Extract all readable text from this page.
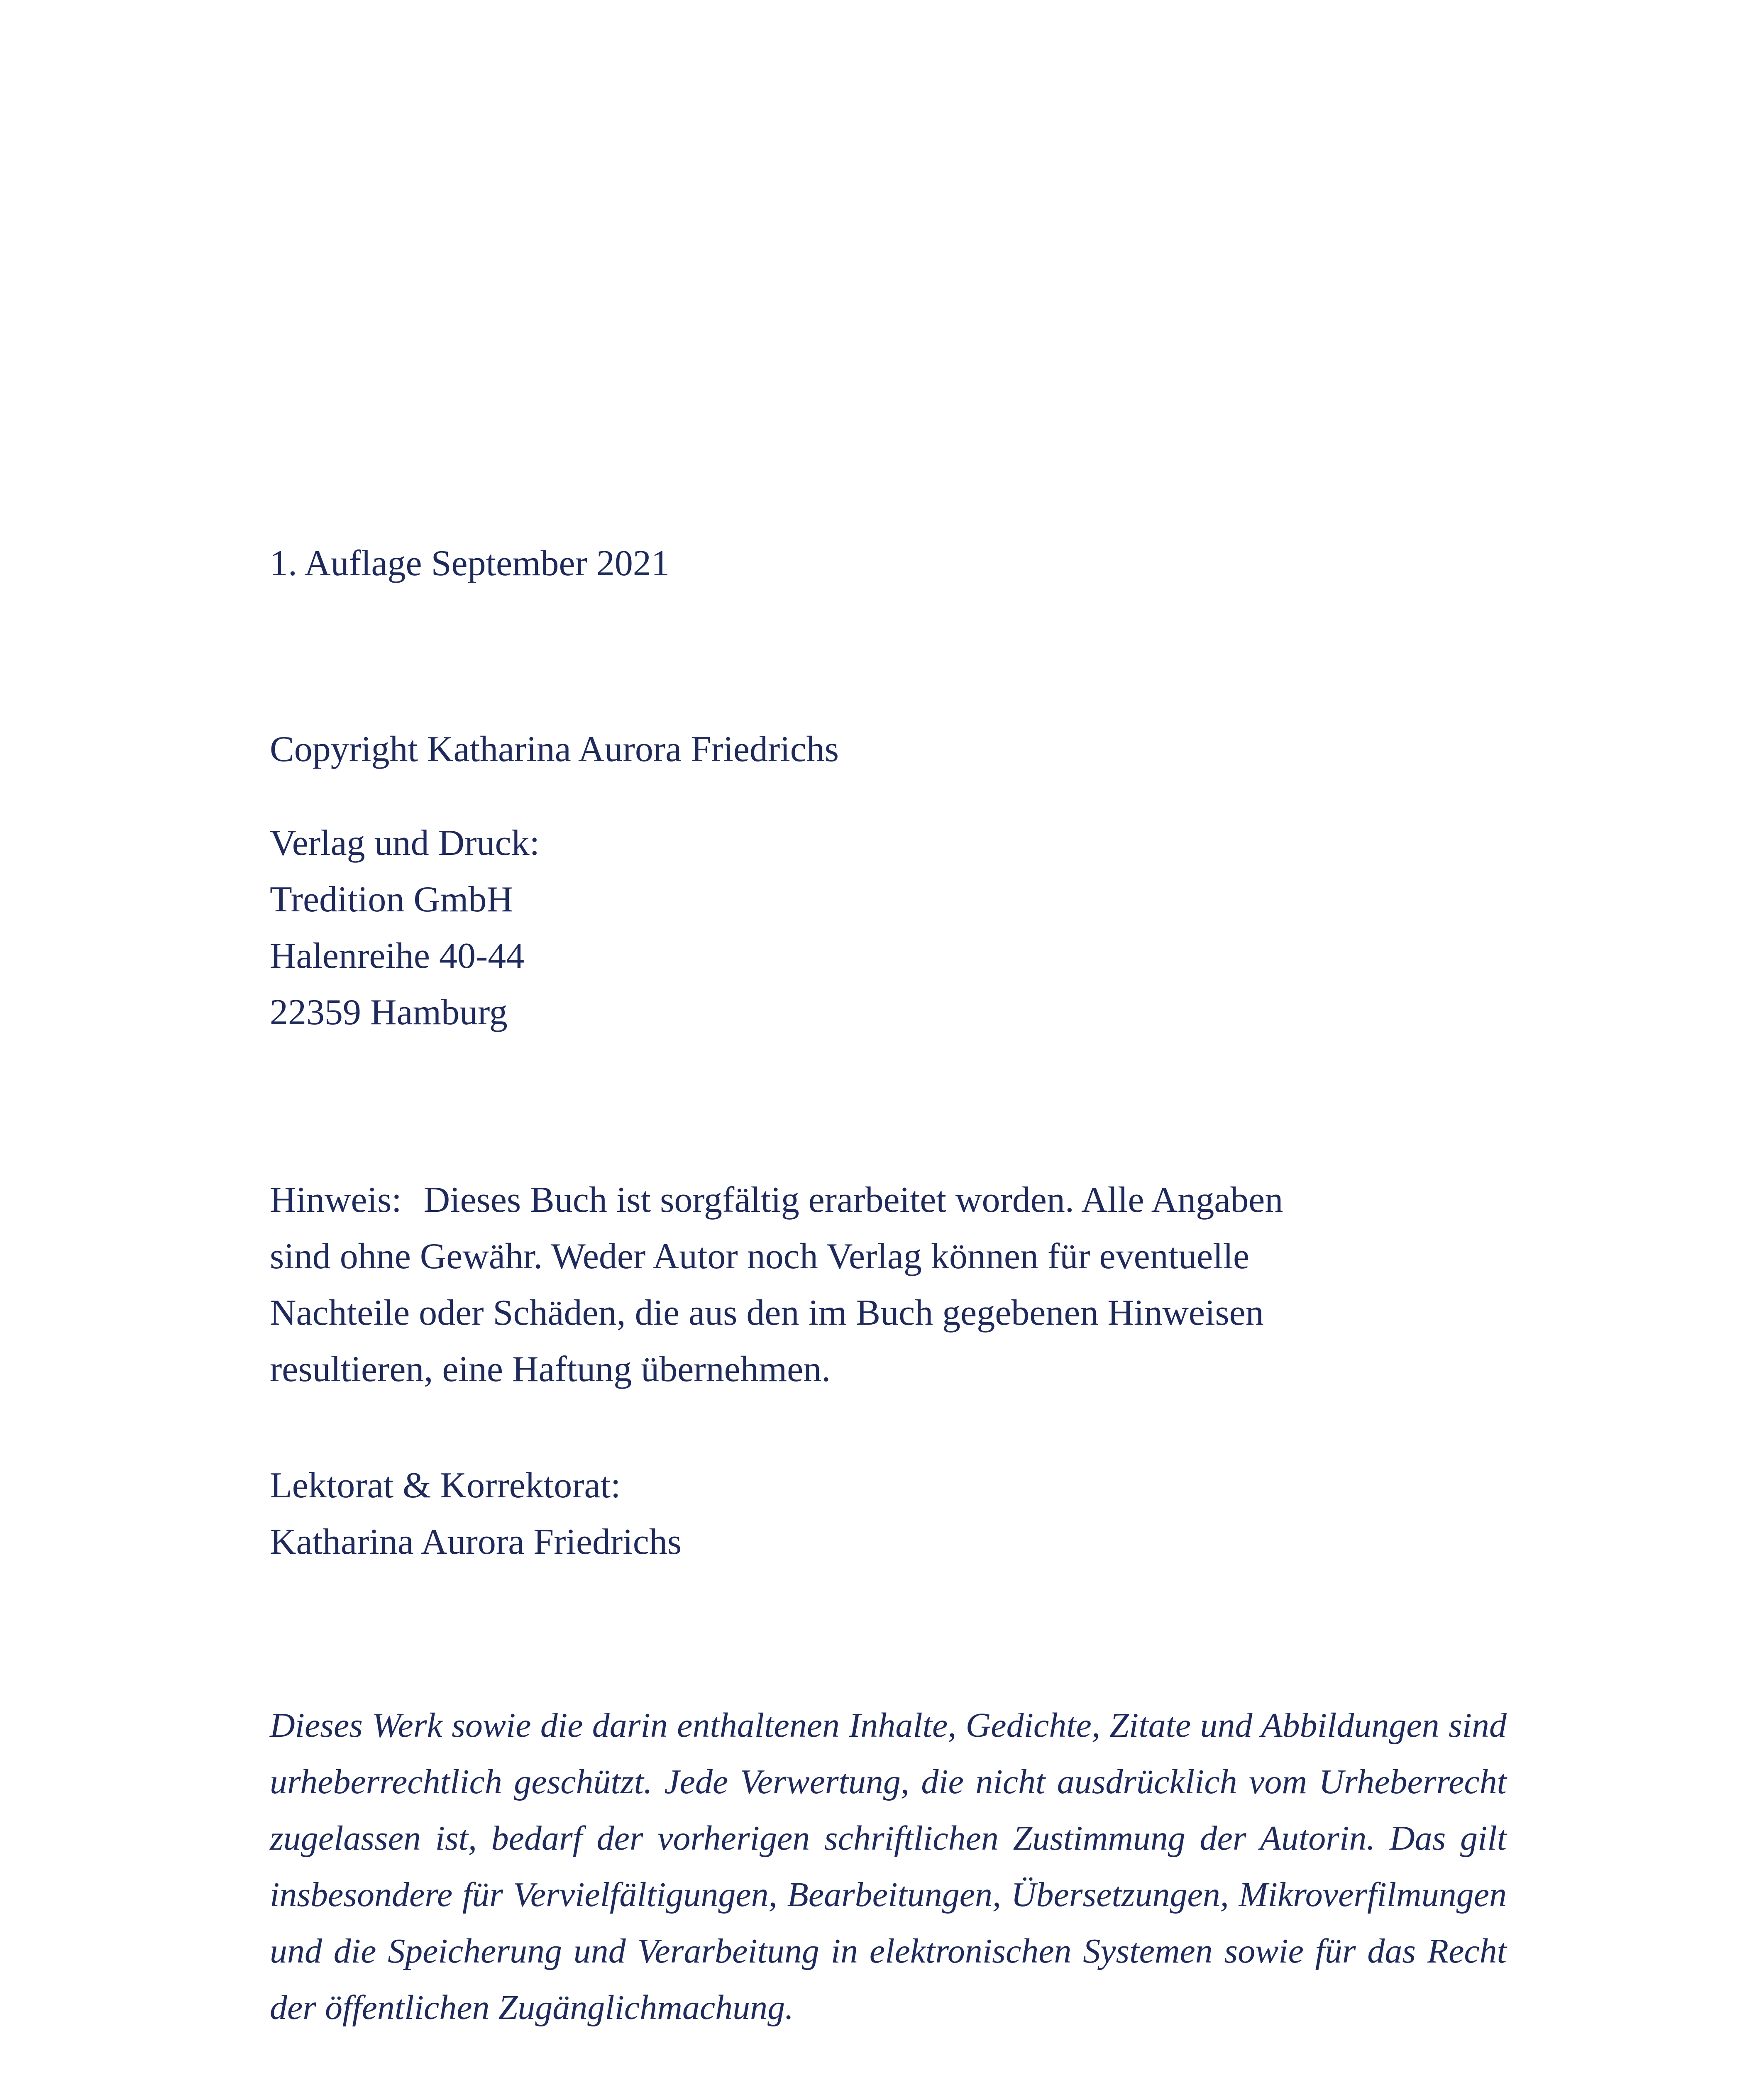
1. Auflage September 2021
Copyright Katharina Aurora Friedrichs
Verlag und Druck:
Tredition GmbH
Halenreihe 40-44
22359 Hamburg
Hinweis: Dieses Buch ist sorgfältig erarbeitet worden. Alle Angaben
sind ohne Gewähr. Weder Autor noch Verlag können für eventuelle
Nachteile oder Schäden, die aus den im Buch gegebenen Hinweisen
resultieren, eine Haftung übernehmen.
Lektorat & Korrektorat:
Katharina Aurora Friedrichs

Dieses Werk sowie die darin enthaltenen Inhalte, Gedichte, Zitate und Abbildungen sind urheberrechtlich geschützt. Jede Verwertung, die nicht ausdrücklich vom Urheberrecht zugelassen ist, bedarf der vorherigen schriftlichen Zustimmung der Autorin. Das gilt insbesondere für Vervielfältigungen, Bearbeitungen, Übersetzungen, Mikroverfilmungen und die Speicherung und Verarbeitung in elektronischen Systemen sowie für das Recht der öffentlichen Zugänglichmachung.
